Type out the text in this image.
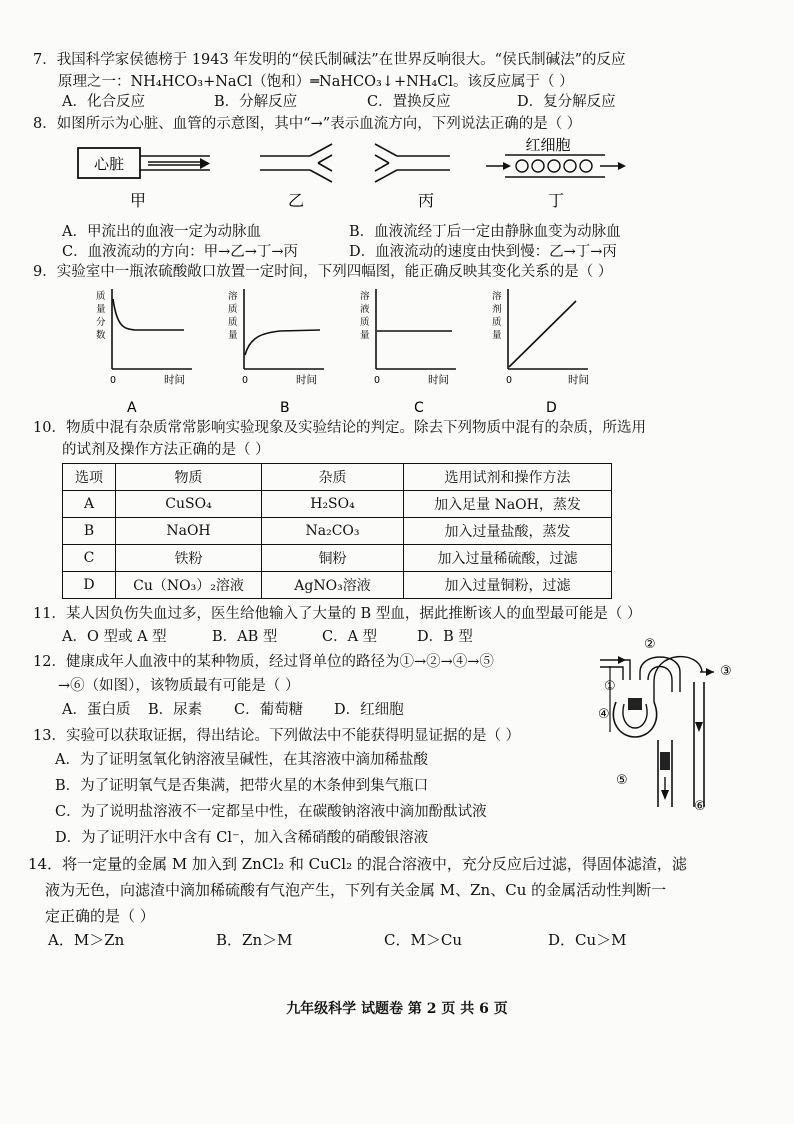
7．我国科学家侯德榜于 1943 年发明的“侯氏制碱法”在世界反响很大。“侯氏制碱法”的反应
原理之一：NH₄HCO₃+NaCl（饱和）═NaHCO₃↓+NH₄Cl。该反应属于（ ）
A．化合反应	B．分解反应	C．置换反应	D．复分解反应
8．如图所示为心脏、血管的示意图，其中“→”表示血流方向，下列说法正确的是（ ）
心脏
甲	乙	丙
红细胞
丁
A．甲流出的血液一定为动脉血	B．血液流经丁后一定由静脉血变为动脉血
C．血液流动的方向：甲→乙→丁→丙	D．血液流动的速度由快到慢：乙→丁→丙
9．实验室中一瓶浓硫酸敞口放置一定时间，下列四幅图，能正确反映其变化关系的是（ ）
质
量
分
数
0	时间
A
溶
质
质
量
0	时间
B
溶
液
质
量
0	时间
C
溶
剂
质
量
0	时间
D
10．物质中混有杂质常常影响实验现象及实验结论的判定。除去下列物质中混有的杂质，所选用
的试剂及操作方法正确的是（ ）
选项	物质	杂质	选用试剂和操作方法
A	CuSO₄	H₂SO₄	加入足量 NaOH，蒸发
B	NaOH	Na₂CO₃	加入过量盐酸，蒸发
C	铁粉	铜粉	加入过量稀硫酸，过滤
D	Cu（NO₃）₂溶液	AgNO₃溶液	加入过量铜粉，过滤
11．某人因负伤失血过多，医生给他输入了大量的 B 型血，据此推断该人的血型最可能是（ ）
A．O 型或 A 型	B．AB 型	C．A 型	D．B 型
12．健康成年人血液中的某种物质，经过肾单位的路径为①→②→④→⑤
→⑥（如图），该物质最有可能是（ ）
A．蛋白质 B．尿素 C．葡萄糖 D．红细胞
①
②
③
④
⑤
⑥
13．实验可以获取证据，得出结论。下列做法中不能获得明显证据的是（ ）
A．为了证明氢氧化钠溶液呈碱性，在其溶液中滴加稀盐酸
B．为了证明氧气是否集满，把带火星的木条伸到集气瓶口
C．为了说明盐溶液不一定都呈中性，在碳酸钠溶液中滴加酚酞试液
D．为了证明汗水中含有 Cl⁻，加入含稀硝酸的硝酸银溶液
14．将一定量的金属 M 加入到 ZnCl₂ 和 CuCl₂ 的混合溶液中，充分反应后过滤，得固体滤渣，滤
液为无色，向滤渣中滴加稀硫酸有气泡产生，下列有关金属 M、Zn、Cu 的金属活动性判断一
定正确的是（ ）
A．M＞Zn	B．Zn＞M	C．M＞Cu	D．Cu＞M
九年级科学 试题卷 第 2 页 共 6 页
